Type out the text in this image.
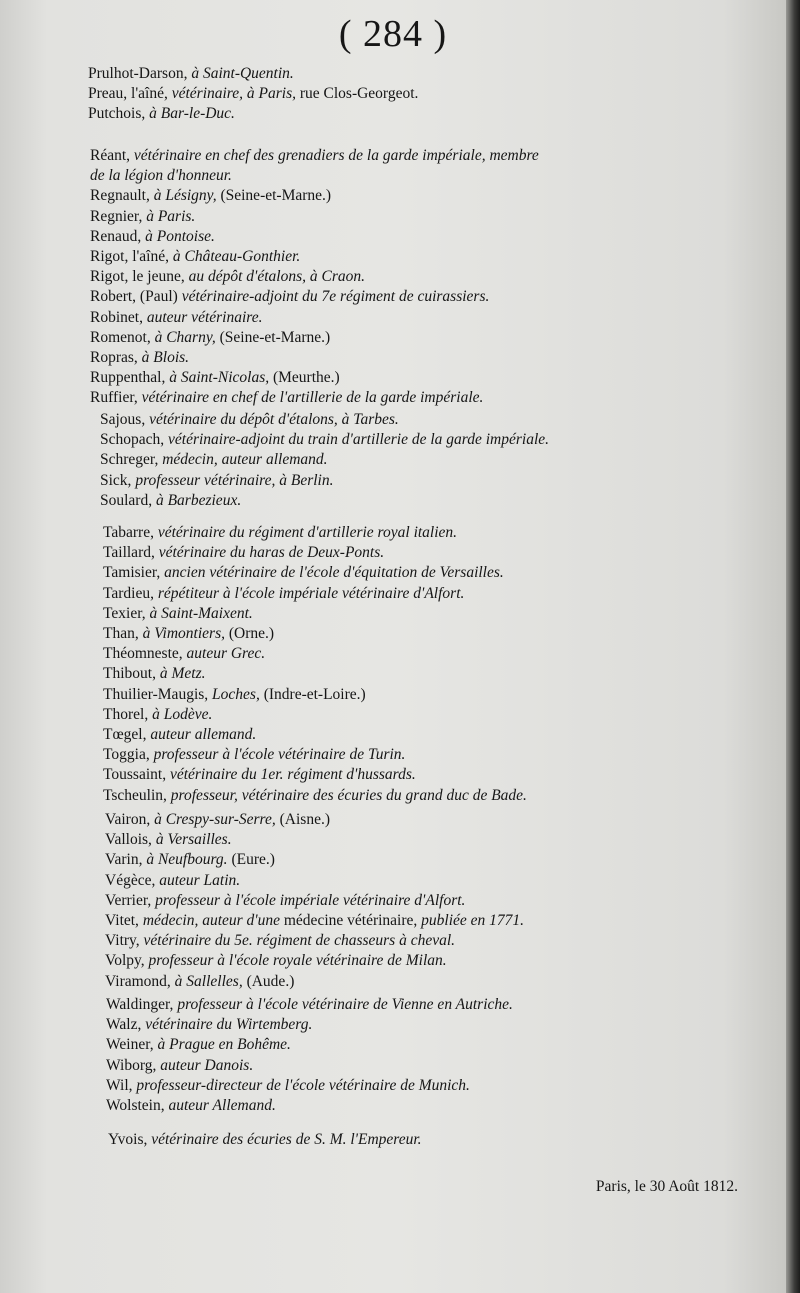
( 284 )
Prulhot-Darson, à Saint-Quentin.
Preau, l'aîné, vétérinaire, à Paris, rue Clos-Georgeot.
Putchois, à Bar-le-Duc.
Réant, vétérinaire en chef des grenadiers de la garde impériale, membre
de la légion d'honneur.
Regnault, à Lésigny, (Seine-et-Marne.)
Regnier, à Paris.
Renaud, à Pontoise.
Rigot, l'aîné, à Château-Gonthier.
Rigot, le jeune, au dépôt d'étalons, à Craon.
Robert, (Paul) vétérinaire-adjoint du 7e régiment de cuirassiers.
Robinet, auteur vétérinaire.
Romenot, à Charny, (Seine-et-Marne.)
Ropras, à Blois.
Ruppenthal, à Saint-Nicolas, (Meurthe.)
Ruffier, vétérinaire en chef de l'artillerie de la garde impériale.
Sajous, vétérinaire du dépôt d'étalons, à Tarbes.
Schopach, vétérinaire-adjoint du train d'artillerie de la garde impériale.
Schreger, médecin, auteur allemand.
Sick, professeur vétérinaire, à Berlin.
Soulard, à Barbezieux.
Tabarre, vétérinaire du régiment d'artillerie royal italien.
Taillard, vétérinaire du haras de Deux-Ponts.
Tamisier, ancien vétérinaire de l'école d'équitation de Versailles.
Tardieu, répétiteur à l'école impériale vétérinaire d'Alfort.
Texier, à Saint-Maixent.
Than, à Vimontiers, (Orne.)
Théomneste, auteur Grec.
Thibout, à Metz.
Thuilier-Maugis, Loches, (Indre-et-Loire.)
Thorel, à Lodève.
Tœgel, auteur allemand.
Toggia, professeur à l'école vétérinaire de Turin.
Toussaint, vétérinaire du 1er. régiment d'hussards.
Tscheulin, professeur, vétérinaire des écuries du grand duc de Bade.
Vairon, à Crespy-sur-Serre, (Aisne.)
Vallois, à Versailles.
Varin, à Neufbourg. (Eure.)
Végèce, auteur Latin.
Verrier, professeur à l'école impériale vétérinaire d'Alfort.
Vitet, médecin, auteur d'une médecine vétérinaire, publiée en 1771.
Vitry, vétérinaire du 5e. régiment de chasseurs à cheval.
Volpy, professeur à l'école royale vétérinaire de Milan.
Viramond, à Sallelles, (Aude.)
Waldinger, professeur à l'école vétérinaire de Vienne en Autriche.
Walz, vétérinaire du Wirtemberg.
Weiner, à Prague en Bohême.
Wiborg, auteur Danois.
Wil, professeur-directeur de l'école vétérinaire de Munich.
Wolstein, auteur Allemand.
Yvois, vétérinaire des écuries de S. M. l'Empereur.
Paris, le 30 Août 1812.
